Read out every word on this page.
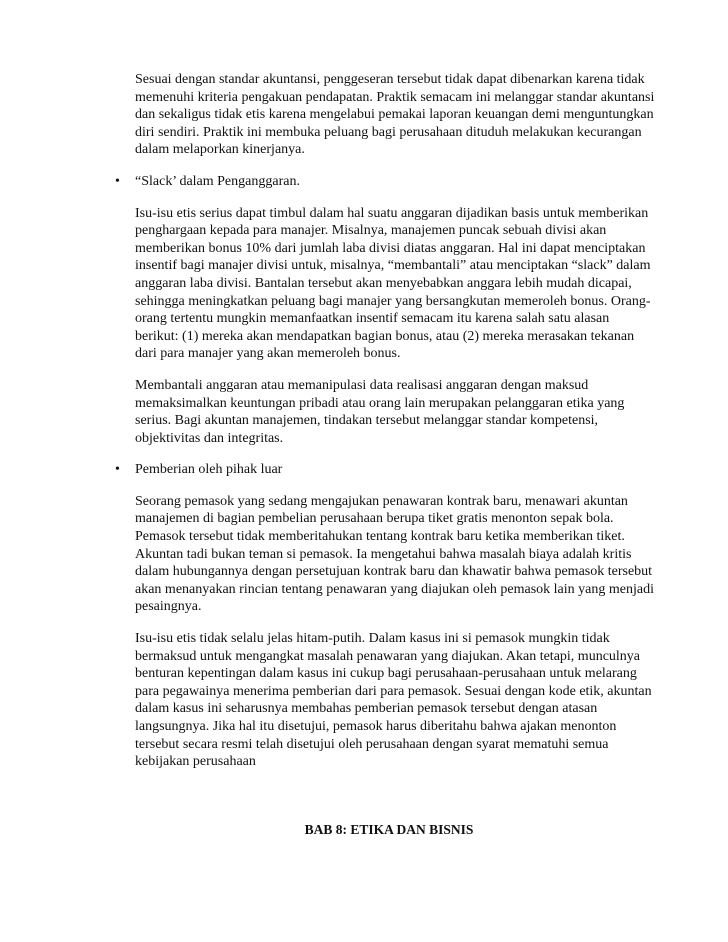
Sesuai dengan standar akuntansi, penggeseran tersebut tidak dapat dibenarkan karena tidak memenuhi kriteria pengakuan pendapatan. Praktik semacam ini melanggar standar akuntansi dan sekaligus tidak etis karena mengelabui pemakai laporan keuangan demi menguntungkan diri sendiri. Praktik ini membuka peluang bagi perusahaan dituduh melakukan kecurangan dalam melaporkan kinerjanya.

• “Slack’ dalam Penganggaran.

Isu-isu etis serius dapat timbul dalam hal suatu anggaran dijadikan basis untuk memberikan penghargaan kepada para manajer. Misalnya, manajemen puncak sebuah divisi akan memberikan bonus 10% dari jumlah laba divisi diatas anggaran. Hal ini dapat menciptakan insentif bagi manajer divisi untuk, misalnya, “membantali” atau menciptakan “slack” dalam anggaran laba divisi. Bantalan tersebut akan menyebabkan anggara lebih mudah dicapai, sehingga meningkatkan peluang bagi manajer yang bersangkutan memeroleh bonus. Orang-orang tertentu mungkin memanfaatkan insentif semacam itu karena salah satu alasan berikut: (1) mereka akan mendapatkan bagian bonus, atau (2) mereka merasakan tekanan dari para manajer yang akan memeroleh bonus.

Membantali anggaran atau memanipulasi data realisasi anggaran dengan maksud memaksimalkan keuntungan pribadi atau orang lain merupakan pelanggaran etika yang serius. Bagi akuntan manajemen, tindakan tersebut melanggar standar kompetensi, objektivitas dan integritas.

• Pemberian oleh pihak luar

Seorang pemasok yang sedang mengajukan penawaran kontrak baru, menawari akuntan manajemen di bagian pembelian perusahaan berupa tiket gratis menonton sepak bola. Pemasok tersebut tidak memberitahukan tentang kontrak baru ketika memberikan tiket. Akuntan tadi bukan teman si pemasok. Ia mengetahui bahwa masalah biaya adalah kritis dalam hubungannya dengan persetujuan kontrak baru dan khawatir bahwa pemasok tersebut akan menanyakan rincian tentang penawaran yang diajukan oleh pemasok lain yang menjadi pesaingnya.

Isu-isu etis tidak selalu jelas hitam-putih. Dalam kasus ini si pemasok mungkin tidak bermaksud untuk mengangkat masalah penawaran yang diajukan. Akan tetapi, munculnya benturan kepentingan dalam kasus ini cukup bagi perusahaan-perusahaan untuk melarang para pegawainya menerima pemberian dari para pemasok. Sesuai dengan kode etik, akuntan dalam kasus ini seharusnya membahas pemberian pemasok tersebut dengan atasan langsungnya. Jika hal itu disetujui, pemasok harus diberitahu bahwa ajakan menonton tersebut secara resmi telah disetujui oleh perusahaan dengan syarat mematuhi semua kebijakan perusahaan

BAB 8: ETIKA DAN BISNIS
